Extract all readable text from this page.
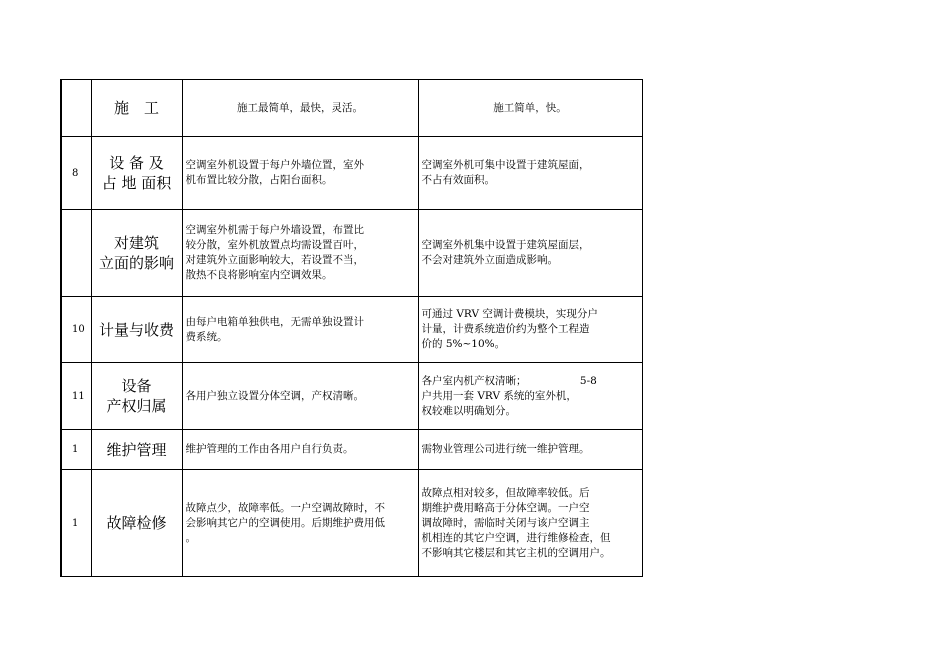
	施　工	施工最简单，最快，灵活。	施工简单，快。

8	设 备 及
占 地 面积	空调室外机设置于每户外墙位置，室外
机布置比较分散，占阳台面积。	空调室外机可集中设置于建筑屋面，
不占有效面积。

	对建筑
立面的影响	空调室外机需于每户外墙设置，布置比
较分散，室外机放置点均需设置百叶，
对建筑外立面影响较大，若设置不当，
散热不良将影响室内空调效果。	空调室外机集中设置于建筑屋面层，
不会对建筑外立面造成影响。

10	计量与收费	由每户电箱单独供电，无需单独设置计
费系统。	可通过 VRV 空调计费模块，实现分户
计量，计费系统造价约为整个工程造
价的 5%~10%。

11	设备
产权归属	各用户独立设置分体空调，产权清晰。	各户室内机产权清晰；                5-8
户共用一套 VRV 系统的室外机，
权较难以明确划分。

1	维护管理	维护管理的工作由各用户自行负责。	需物业管理公司进行统一维护管理。

1	故障检修	故障点少，故障率低。一户空调故障时，不
会影响其它户的空调使用。后期维护费用低
。	故障点相对较多，但故障率较低。后
期维护费用略高于分体空调。一户空
调故障时，需临时关闭与该户空调主
机相连的其它户空调，进行维修检查，但
不影响其它楼层和其它主机的空调用户。
